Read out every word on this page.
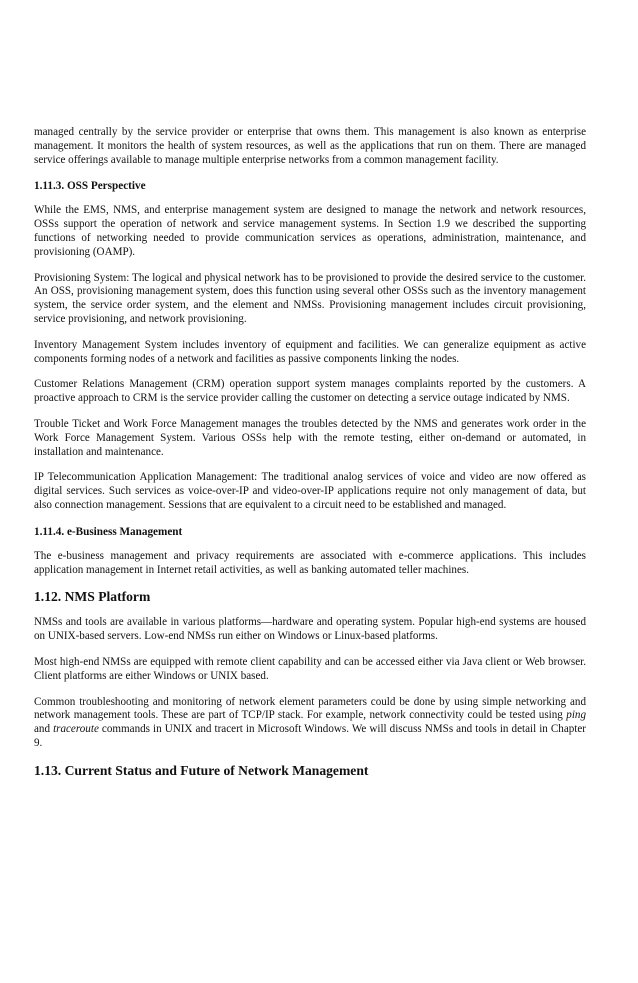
managed centrally by the service provider or enterprise that owns them. This management is also known as enterprise management. It monitors the health of system resources, as well as the applications that run on them. There are managed service offerings available to manage multiple enterprise networks from a common management facility.

1.11.3. OSS Perspective

While the EMS, NMS, and enterprise management system are designed to manage the network and network resources, OSSs support the operation of network and service management systems. In Section 1.9 we described the supporting functions of networking needed to provide communication services as operations, administration, maintenance, and provisioning (OAMP).

Provisioning System: The logical and physical network has to be provisioned to provide the desired service to the customer. An OSS, provisioning management system, does this function using several other OSSs such as the inventory management system, the service order system, and the element and NMSs. Provisioning management includes circuit provisioning, service provisioning, and network provisioning.

Inventory Management System includes inventory of equipment and facilities. We can generalize equipment as active components forming nodes of a network and facilities as passive components linking the nodes.

Customer Relations Management (CRM) operation support system manages complaints reported by the customers. A proactive approach to CRM is the service provider calling the customer on detecting a service outage indicated by NMS.

Trouble Ticket and Work Force Management manages the troubles detected by the NMS and generates work order in the Work Force Management System. Various OSSs help with the remote testing, either on-demand or automated, in installation and maintenance.

IP Telecommunication Application Management: The traditional analog services of voice and video are now offered as digital services. Such services as voice-over-IP and video-over-IP applications require not only management of data, but also connection management. Sessions that are equivalent to a circuit need to be established and managed.

1.11.4. e-Business Management

The e-business management and privacy requirements are associated with e-commerce applications. This includes application management in Internet retail activities, as well as banking automated teller machines.

1.12. NMS Platform

NMSs and tools are available in various platforms—hardware and operating system. Popular high-end systems are housed on UNIX-based servers. Low-end NMSs run either on Windows or Linux-based platforms.

Most high-end NMSs are equipped with remote client capability and can be accessed either via Java client or Web browser. Client platforms are either Windows or UNIX based.

Common troubleshooting and monitoring of network element parameters could be done by using simple networking and network management tools. These are part of TCP/IP stack. For example, network connectivity could be tested using ping and traceroute commands in UNIX and tracert in Microsoft Windows. We will discuss NMSs and tools in detail in Chapter 9.

1.13. Current Status and Future of Network Management
